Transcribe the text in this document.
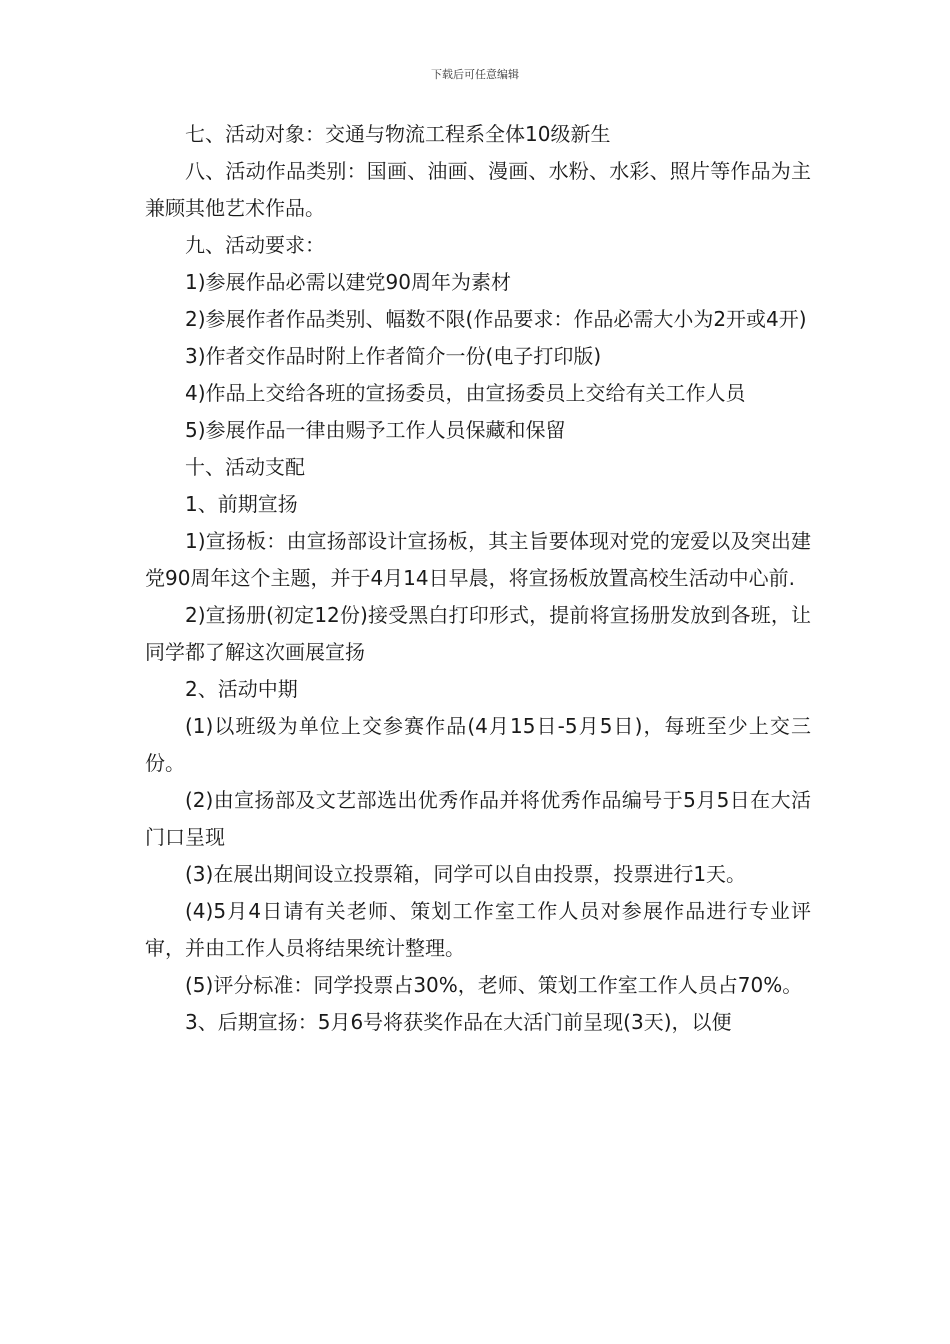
下载后可任意编辑

七、活动对象：交通与物流工程系全体10级新生

八、活动作品类别：国画、油画、漫画、水粉、水彩、照片等作品为主兼顾其他艺术作品。

九、活动要求：

1)参展作品必需以建党90周年为素材

2)参展作者作品类别、幅数不限(作品要求：作品必需大小为2开或4开)

3)作者交作品时附上作者简介一份(电子打印版)

4)作品上交给各班的宣扬委员，由宣扬委员上交给有关工作人员

5)参展作品一律由赐予工作人员保藏和保留

十、活动支配

1、前期宣扬

1)宣扬板：由宣扬部设计宣扬板，其主旨要体现对党的宠爱以及突出建党90周年这个主题，并于4月14日早晨，将宣扬板放置高校生活动中心前.

2)宣扬册(初定12份)接受黑白打印形式，提前将宣扬册发放到各班，让同学都了解这次画展宣扬

2、活动中期

(1)以班级为单位上交参赛作品(4月15日-5月5日)，每班至少上交三份。

(2)由宣扬部及文艺部选出优秀作品并将优秀作品编号于5月5日在大活门口呈现

(3)在展出期间设立投票箱，同学可以自由投票，投票进行1天。

(4)5月4日请有关老师、策划工作室工作人员对参展作品进行专业评审，并由工作人员将结果统计整理。

(5)评分标准：同学投票占30%，老师、策划工作室工作人员占70%。

3、后期宣扬：5月6号将获奖作品在大活门前呈现(3天)，以便
